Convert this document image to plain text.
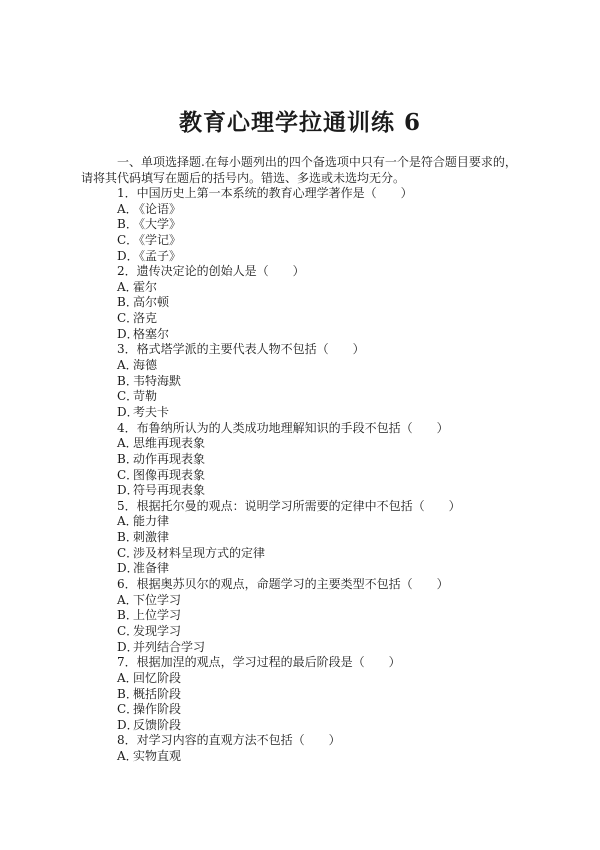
教育心理学拉通训练 6

一、单项选择题.在每小题列出的四个备选项中只有一个是符合题目要求的，
请将其代码填写在题后的括号内。错选、多选或未选均无分。

1．中国历史上第一本系统的教育心理学著作是（　　）
A．《论语》
B．《大学》
C．《学记》
D．《孟子》
2．遗传决定论的创始人是（　　）
A．霍尔
B．高尔顿
C．洛克
D．格塞尔
3．格式塔学派的主要代表人物不包括（　　）
A．海德
B．韦特海默
C．苛勒
D．考夫卡
4．布鲁纳所认为的人类成功地理解知识的手段不包括（　　）
A．思维再现表象
B．动作再现表象
C．图像再现表象
D．符号再现表象
5．根据托尔曼的观点：说明学习所需要的定律中不包括（　　）
A．能力律
B．刺激律
C．涉及材料呈现方式的定律
D．准备律
6．根据奥苏贝尔的观点，命题学习的主要类型不包括（　　）
A．下位学习
B．上位学习
C．发现学习
D．并列结合学习
7．根据加涅的观点，学习过程的最后阶段是（　　）
A．回忆阶段
B．概括阶段
C．操作阶段
D．反馈阶段
8．对学习内容的直观方法不包括（　　）
A．实物直观
